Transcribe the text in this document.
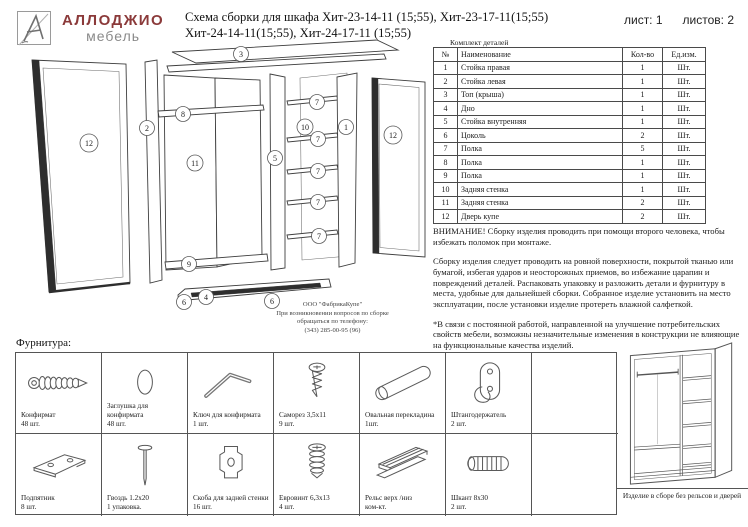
АЛЛОДЖИО
мебель
Схема сборки для шкафа Хит-23-14-11 (15;55), Хит-23-17-11(15;55)
Хит-24-14-11(15;55), Хит-24-17-11 (15;55)
лист: 1 листов: 2
3
12
2
8
11
9
5
10
7
7
7
7
7
1
12
6
4	6	ООО "ФабрикаКупе"
При возникновении вопросов по сборке
обращаться по телефону:
(343) 285-00-95 (96)
Комплект деталей
№	Наименование	Кол-во	Ед.изм.
1	Стойка правая	1	Шт.
2	Стойка левая	1	Шт.
3	Топ (крыша)	1	Шт.
4	Дно	1	Шт.
5	Стойка внутренняя	1	Шт.
6	Цоколь	2	Шт.
7	Полка	5	Шт.
8	Полка	1	Шт.
9	Полка	1	Шт.
10	Задняя стенка	1	Шт.
11	Задняя стенка	2	Шт.
12	Дверь купе	2	Шт.

ВНИМАНИЕ! Сборку изделия проводить при помощи второго человека, чтобы избежать поломок при монтаже.

Сборку изделия следует проводить на ровной поверхности, покрытой тканью или бумагой, избегая ударов и неосторожных приемов, во избежание царапин и повреждений деталей. Распаковать упаковку и разложить детали и фурнитуру в места, удобные для дальнейшей сборки. Собранное изделие установить на место эксплуатации, после установки изделие протереть влажной салфеткой.

*В связи с постоянной работой, направленной на улучшение потребительских свойств мебели, возможны незначительные изменения в конструкции не влияющие на функциональные качества изделий.

Фурнитура:
Конфирмат
48 шт.
Заглушка для конфирмата
48 шт.
Ключ для конфирмата
1 шт.
Саморез 3,5х11
9 шт.
Овальная перекладина
1шт.
Штангодержатель
2 шт.
Подпятник
8 шт.
Гвоздь 1.2х20
1 упаковка.
Скоба для задней стенки
16 шт.
Евровинт 6,3х13
4 шт.
Рельс верх /низ
ком-кт.
Шкант 8х30
2 шт.
Изделие в сборе без рельсов и дверей
